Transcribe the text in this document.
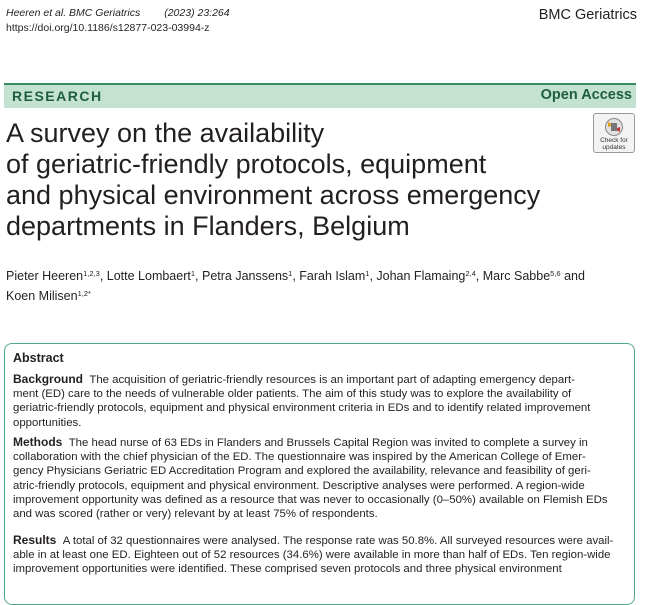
Heeren et al. BMC Geriatrics (2023) 23:264
https://doi.org/10.1186/s12877-023-03994-z
BMC Geriatrics
RESEARCH	Open Access
A survey on the availability
of geriatric-friendly protocols, equipment
and physical environment across emergency
departments in Flanders, Belgium
Check for
updates
Pieter Heeren$^{1,2,3}$, Lotte Lombaert$^1$, Petra Janssens$^1$, Farah Islam$^1$, Johan Flamaing$^{2,4}$, Marc Sabbe$^{5,6}$ and
Koen Milisen$^{1,2*}$
Abstract
Background The acquisition of geriatric-friendly resources is an important part of adapting emergency depart-
ment (ED) care to the needs of vulnerable older patients. The aim of this study was to explore the availability of
geriatric-friendly protocols, equipment and physical environment criteria in EDs and to identify related improvement
opportunities.
Methods The head nurse of 63 EDs in Flanders and Brussels Capital Region was invited to complete a survey in
collaboration with the chief physician of the ED. The questionnaire was inspired by the American College of Emer-
gency Physicians Geriatric ED Accreditation Program and explored the availability, relevance and feasibility of geri-
atric-friendly protocols, equipment and physical environment. Descriptive analyses were performed. A region-wide
improvement opportunity was defined as a resource that was never to occasionally (0–50%) available on Flemish EDs
and was scored (rather or very) relevant by at least 75% of respondents.
Results A total of 32 questionnaires were analysed. The response rate was 50.8%. All surveyed resources were avail-
able in at least one ED. Eighteen out of 52 resources (34.6%) were available in more than half of EDs. Ten region-wide
improvement opportunities were identified. These comprised seven protocols and three physical environment
